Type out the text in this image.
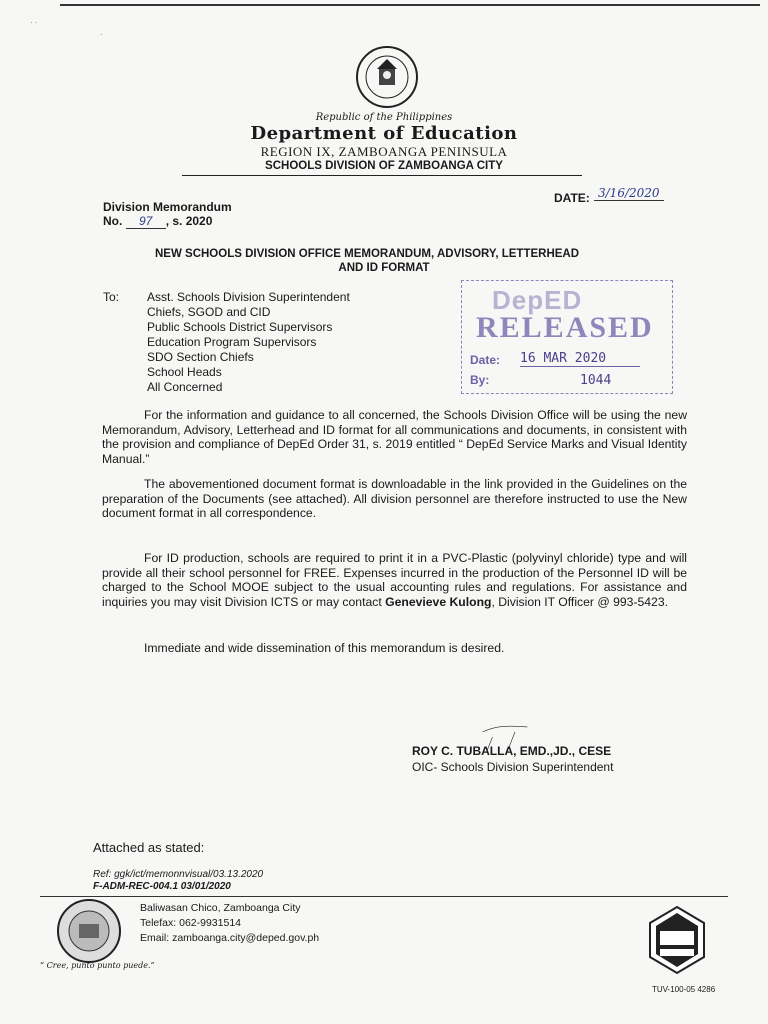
· ·
·
Republic of the Philippines
Department of Education
REGION IX, ZAMBOANGA PENINSULA
SCHOOLS DIVISION OF ZAMBOANGA CITY
DATE: 3/16/2020
Division Memorandum
No. 97 , s. 2020
NEW SCHOOLS DIVISION OFFICE MEMORANDUM, ADVISORY, LETTERHEAD
AND ID FORMAT
To: Asst. Schools Division Superintendent
Chiefs, SGOD and CID
Public Schools District Supervisors
Education Program Supervisors
SDO Section Chiefs
School Heads
All Concerned
DepED
RELEASED
Date: 16 MAR 2020
By:	1044
For the information and guidance to all concerned, the Schools Division Office will be using the new Memorandum, Advisory, Letterhead and ID format for all communications and documents, in consistent with the provision and compliance of DepEd Order 31, s. 2019 entitled “ DepEd Service Marks and Visual Identity Manual.”
The abovementioned document format is downloadable in the link provided in the Guidelines on the preparation of the Documents (see attached). All division personnel are therefore instructed to use the New document format in all correspondence.
For ID production, schools are required to print it in a PVC-Plastic (polyvinyl chloride) type and will provide all their school personnel for FREE. Expenses incurred in the production of the Personnel ID will be charged to the School MOOE subject to the usual accounting rules and regulations. For assistance and inquiries you may visit Division ICTS or may contact Genevieve Kulong, Division IT Officer @ 993-5423.
Immediate and wide dissemination of this memorandum is desired.
ROY C. TUBALLA, EMD.,JD., CESE
OIC- Schools Division Superintendent
Attached as stated:
Ref: ggk/ict/memonnvisual/03.13.2020
F-ADM-REC-004.1 03/01/2020
“ Cree, punto punto puede.”
Baliwasan Chico, Zamboanga City
Telefax: 062-9931514
Email: zamboanga.city@deped.gov.ph
TUV-100-05 4286
